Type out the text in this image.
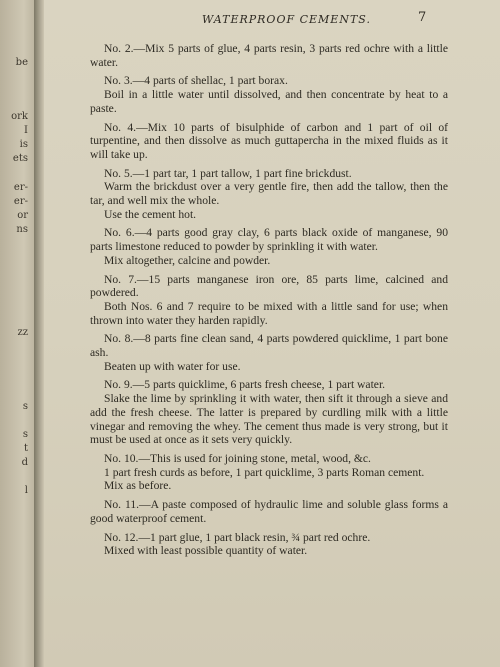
be
ork
I
is
ets
er-
er-
or
ns
zz
s
s
t
d
l
WATERPROOF CEMENTS.	7

No. 2.—Mix 5 parts of glue, 4 parts resin, 3 parts red ochre with a little water.

No. 3.—4 parts of shellac, 1 part borax.

Boil in a little water until dissolved, and then concentrate by heat to a paste.

No. 4.—Mix 10 parts of bisulphide of carbon and 1 part of oil of turpentine, and then dissolve as much guttapercha in the mixed fluids as it will take up.

No. 5.—1 part tar, 1 part tallow, 1 part fine brickdust.

Warm the brickdust over a very gentle fire, then add the tallow, then the tar, and well mix the whole.

Use the cement hot.

No. 6.—4 parts good gray clay, 6 parts black oxide of manganese, 90 parts limestone reduced to powder by sprinkling it with water.

Mix altogether, calcine and powder.

No. 7.—15 parts manganese iron ore, 85 parts lime, calcined and powdered.

Both Nos. 6 and 7 require to be mixed with a little sand for use; when thrown into water they harden rapidly.

No. 8.—8 parts fine clean sand, 4 parts powdered quicklime, 1 part bone ash.

Beaten up with water for use.

No. 9.—5 parts quicklime, 6 parts fresh cheese, 1 part water.

Slake the lime by sprinkling it with water, then sift it through a sieve and add the fresh cheese. The latter is prepared by curdling milk with a little vinegar and removing the whey. The cement thus made is very strong, but it must be used at once as it sets very quickly.

No. 10.—This is used for joining stone, metal, wood, &c.

1 part fresh curds as before, 1 part quicklime, 3 parts Roman cement.

Mix as before.

No. 11.—A paste composed of hydraulic lime and soluble glass forms a good waterproof cement.

No. 12.—1 part glue, 1 part black resin, ¾ part red ochre.

Mixed with least possible quantity of water.
